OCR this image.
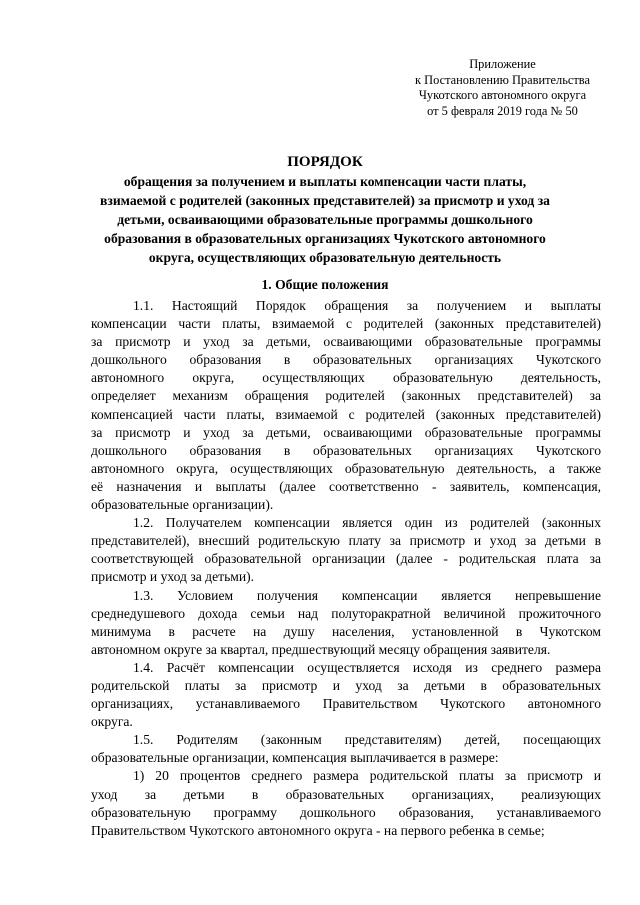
Приложение
к Постановлению Правительства
Чукотского автономного округа
от 5 февраля 2019 года № 50
ПОРЯДОК
обращения за получением и выплаты компенсации части платы,
взимаемой с родителей (законных представителей) за присмотр и уход за
детьми, осваивающими образовательные программы дошкольного
образования в образовательных организациях Чукотского автономного
округа, осуществляющих образовательную деятельность
1. Общие положения

1.1. Настоящий Порядок обращения за получением и выплаты
компенсации части платы, взимаемой с родителей (законных представителей)
за присмотр и уход за детьми, осваивающими образовательные программы
дошкольного образования в образовательных организациях Чукотского
автономного округа, осуществляющих образовательную деятельность,
определяет механизм обращения родителей (законных представителей) за
компенсацией части платы, взимаемой с родителей (законных представителей)
за присмотр и уход за детьми, осваивающими образовательные программы
дошкольного образования в образовательных организациях Чукотского
автономного округа, осуществляющих образовательную деятельность, а также
её назначения и выплаты (далее соответственно - заявитель, компенсация,
образовательные организации).

1.2. Получателем компенсации является один из родителей (законных
представителей), внесший родительскую плату за присмотр и уход за детьми в
соответствующей образовательной организации (далее - родительская плата за
присмотр и уход за детьми).

1.3. Условием получения компенсации является непревышение
среднедушевого дохода семьи над полуторакратной величиной прожиточного
минимума в расчете на душу населения, установленной в Чукотском
автономном округе за квартал, предшествующий месяцу обращения заявителя.

1.4. Расчёт компенсации осуществляется исходя из среднего размера
родительской платы за присмотр и уход за детьми в образовательных
организациях, устанавливаемого Правительством Чукотского автономного
округа.

1.5. Родителям (законным представителям) детей, посещающих
образовательные организации, компенсация выплачивается в размере:

1) 20 процентов среднего размера родительской платы за присмотр и
уход за детьми в образовательных организациях, реализующих
образовательную программу дошкольного образования, устанавливаемого
Правительством Чукотского автономного округа - на первого ребенка в семье;
